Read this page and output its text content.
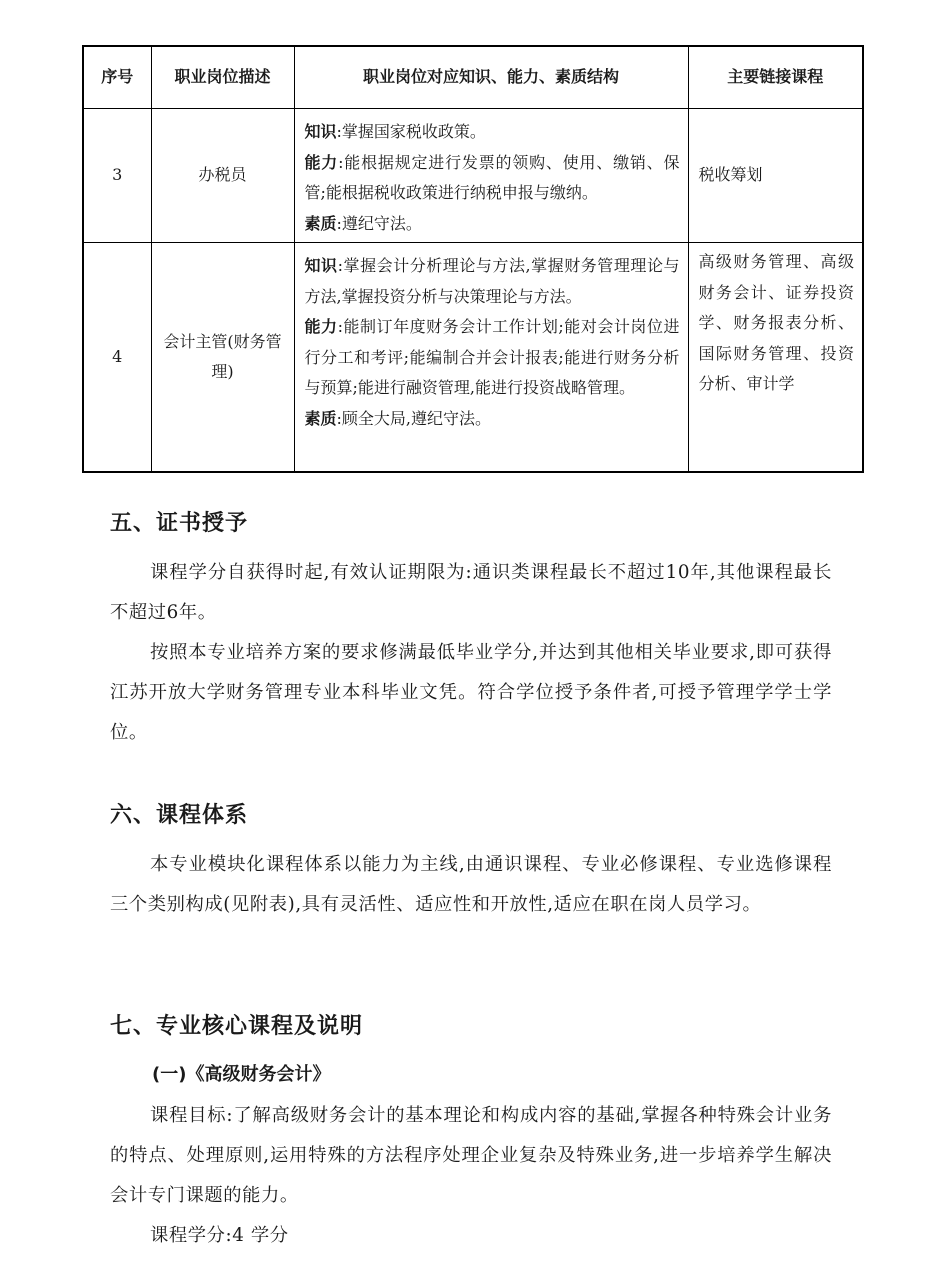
序号	职业岗位描述	职业岗位对应知识、能力、素质结构	主要链接课程
3	办税员	知识:掌握国家税收政策。

能力:能根据规定进行发票的领购、使用、缴销、保管;能根据税收政策进行纳税申报与缴纳。

素质:遵纪守法。	税收筹划
4	会计主管(财务管理)	知识:掌握会计分析理论与方法,掌握财务管理理论与方法,掌握投资分析与决策理论与方法。

能力:能制订年度财务会计工作计划;能对会计岗位进行分工和考评;能编制合并会计报表;能进行财务分析与预算;能进行融资管理,能进行投资战略管理。

素质:顾全大局,遵纪守法。	高级财务管理、高级财务会计、证券投资学、财务报表分析、国际财务管理、投资分析、审计学
五、证书授予

课程学分自获得时起,有效认证期限为:通识类课程最长不超过10年,其他课程最长不超过6年。

按照本专业培养方案的要求修满最低毕业学分,并达到其他相关毕业要求,即可获得江苏开放大学财务管理专业本科毕业文凭。符合学位授予条件者,可授予管理学学士学位。

六、课程体系

本专业模块化课程体系以能力为主线,由通识课程、专业必修课程、专业选修课程三个类别构成(见附表),具有灵活性、适应性和开放性,适应在职在岗人员学习。

七、专业核心课程及说明
(一)《高级财务会计》

课程目标:了解高级财务会计的基本理论和构成内容的基础,掌握各种特殊会计业务的特点、处理原则,运用特殊的方法程序处理企业复杂及特殊业务,进一步培养学生解决会计专门课题的能力。

课程学分:4 学分
